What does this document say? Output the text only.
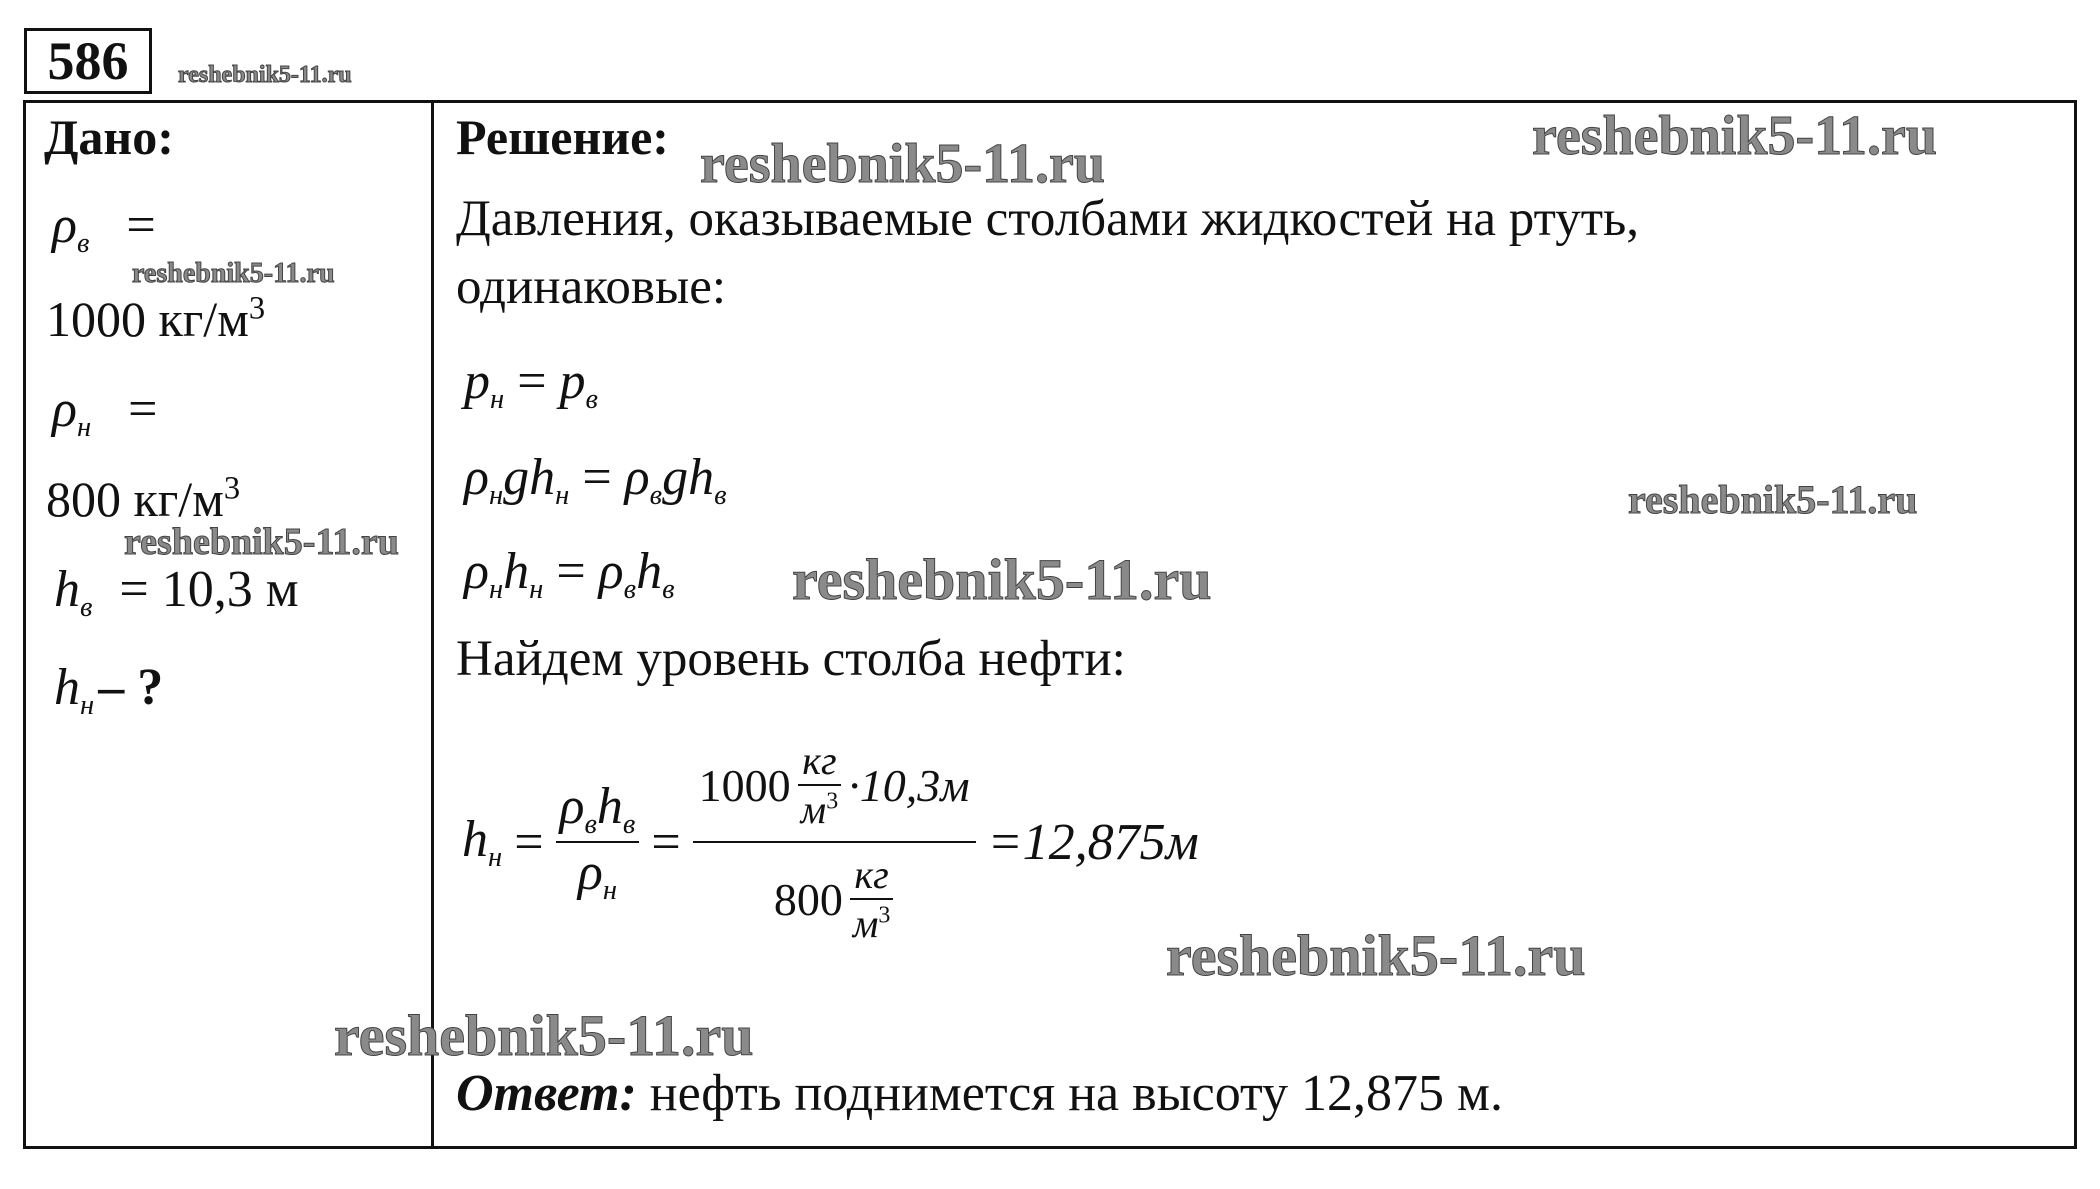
586	reshebnik5-11.ru
Дано:
$\rho_в$ =
reshebnik5-11.ru
1000 $кг/м^3$
$\rho_н$ =
800 $кг/м^3$
reshebnik5-11.ru
$h_в = 10,3$ м
$h_н-$ ?
Решение: reshebnik5-11.ru	reshebnik5-11.ru
Давления, оказываемые столбами жидкостей на ртуть,
одинаковые:
$p_н = p_в$
$\rho_нgh_н = \rho_вgh_в$	reshebnik5-11.ru
$\rho_нh_н = \rho_вh_в$ reshebnik5-11.ru
Найдем уровень столба нефти:
$h_н = \frac{\rho_вh_в}{\rho_н} = \frac{1000 \frac{кг}{м^3} \cdot 10,3м}{800 \frac{кг}{м^3}} =12,875м$
reshebnik5-11.ru
reshebnik5-11.ru
Ответ: нефть поднимется на высоту 12,875 м.
